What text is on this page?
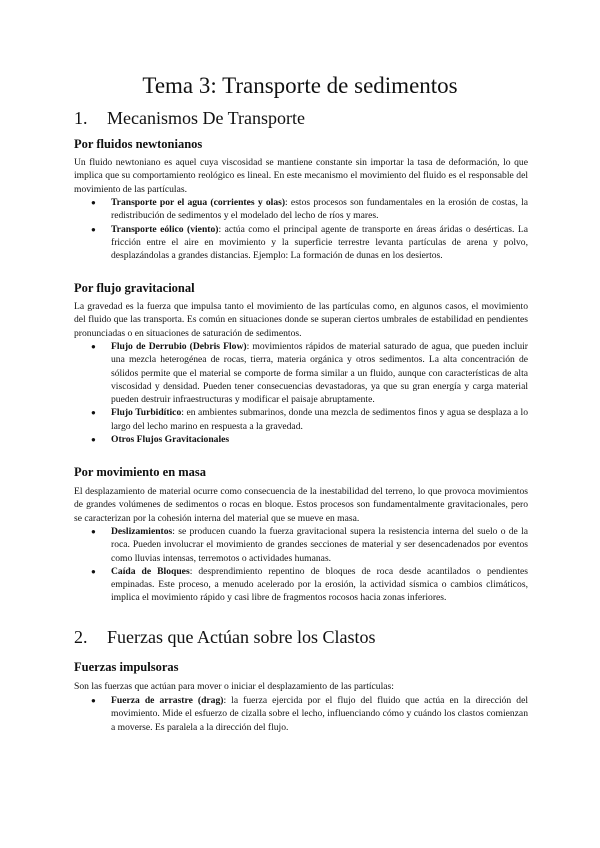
Tema 3: Transporte de sedimentos
1. Mecanismos De Transporte
Por fluidos newtonianos

Un fluido newtoniano es aquel cuya viscosidad se mantiene constante sin importar la tasa de deformación, lo que implica que su comportamiento reológico es lineal. En este mecanismo el movimiento del fluido es el responsable del movimiento de las partículas.

● Transporte por el agua (corrientes y olas): estos procesos son fundamentales en la erosión de costas, la redistribución de sedimentos y el modelado del lecho de ríos y mares.
● Transporte eólico (viento): actúa como el principal agente de transporte en áreas áridas o desérticas. La fricción entre el aire en movimiento y la superficie terrestre levanta partículas de arena y polvo, desplazándolas a grandes distancias. Ejemplo: La formación de dunas en los desiertos.
Por flujo gravitacional

La gravedad es la fuerza que impulsa tanto el movimiento de las partículas como, en algunos casos, el movimiento del fluido que las transporta. Es común en situaciones donde se superan ciertos umbrales de estabilidad en pendientes pronunciadas o en situaciones de saturación de sedimentos.

● Flujo de Derrubio (Debris Flow): movimientos rápidos de material saturado de agua, que pueden incluir una mezcla heterogénea de rocas, tierra, materia orgánica y otros sedimentos. La alta concentración de sólidos permite que el material se comporte de forma similar a un fluido, aunque con características de alta viscosidad y densidad. Pueden tener consecuencias devastadoras, ya que su gran energía y carga material pueden destruir infraestructuras y modificar el paisaje abruptamente.
● Flujo Turbidítico: en ambientes submarinos, donde una mezcla de sedimentos finos y agua se desplaza a lo largo del lecho marino en respuesta a la gravedad.
● Otros Flujos Gravitacionales
Por movimiento en masa

El desplazamiento de material ocurre como consecuencia de la inestabilidad del terreno, lo que provoca movimientos de grandes volúmenes de sedimentos o rocas en bloque. Estos procesos son fundamentalmente gravitacionales, pero se caracterizan por la cohesión interna del material que se mueve en masa.

● Deslizamientos: se producen cuando la fuerza gravitacional supera la resistencia interna del suelo o de la roca. Pueden involucrar el movimiento de grandes secciones de material y ser desencadenados por eventos como lluvias intensas, terremotos o actividades humanas.
● Caída de Bloques: desprendimiento repentino de bloques de roca desde acantilados o pendientes empinadas. Este proceso, a menudo acelerado por la erosión, la actividad sísmica o cambios climáticos, implica el movimiento rápido y casi libre de fragmentos rocosos hacia zonas inferiores.
2. Fuerzas que Actúan sobre los Clastos
Fuerzas impulsoras

Son las fuerzas que actúan para mover o iniciar el desplazamiento de las partículas:

● Fuerza de arrastre (drag): la fuerza ejercida por el flujo del fluido que actúa en la dirección del movimiento. Mide el esfuerzo de cizalla sobre el lecho, influenciando cómo y cuándo los clastos comienzan a moverse. Es paralela a la dirección del flujo.
